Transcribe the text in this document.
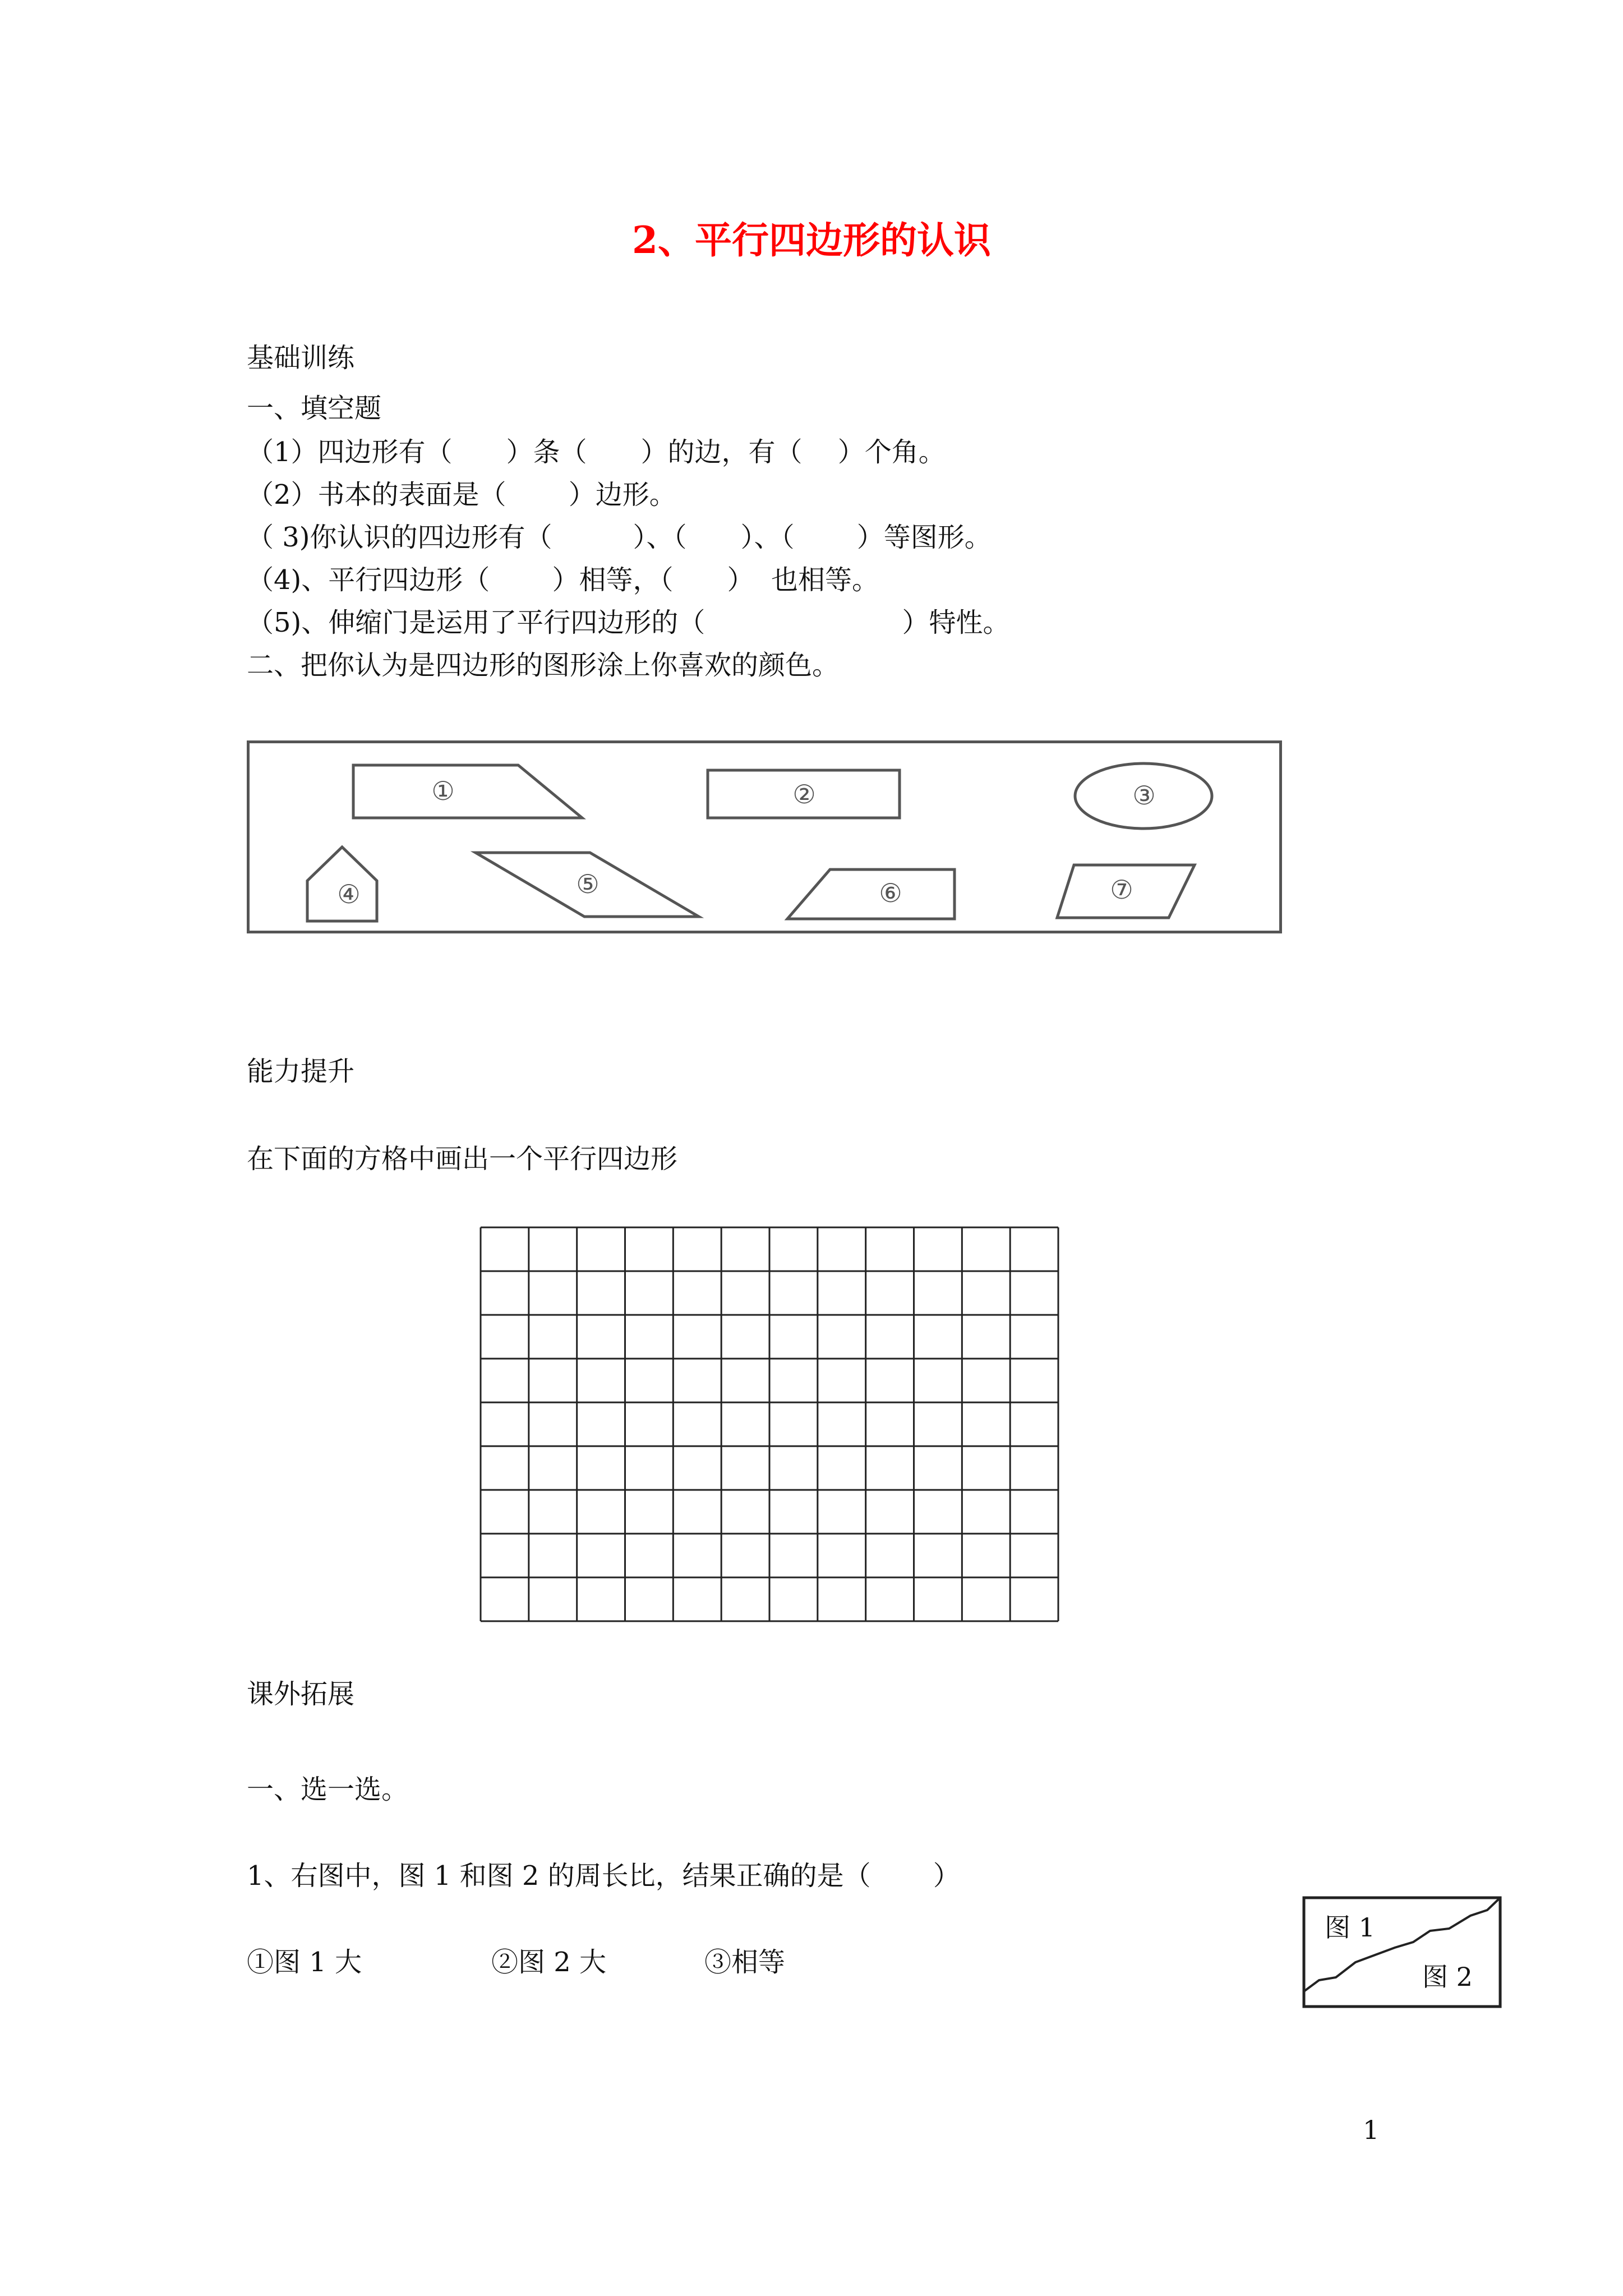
2、平行四边形的认识
基础训练
一、填空题
（1）四边形有（　　）条（　　）的边，有（　 ）个角。
（2）书本的表面是（　　 ）边形。
（ 3)你认识的四边形有（　　　）、（　　）、（　　 ）等图形。
（4)、平行四边形（　　 ）相等，（　　）  也相等。
（5)、伸缩门是运用了平行四边形的（　　　　　　　 ）特性。
二、把你认为是四边形的图形涂上你喜欢的颜色。
①	②	③
④	⑤	⑥	⑦
能力提升
在下面的方格中画出一个平行四边形
课外拓展
一、选一选。
1、右图中，图 1 和图 2 的周长比，结果正确的是（　　 ）
①图 1 大	②图 2 大	③相等
图 1
图 2
1
